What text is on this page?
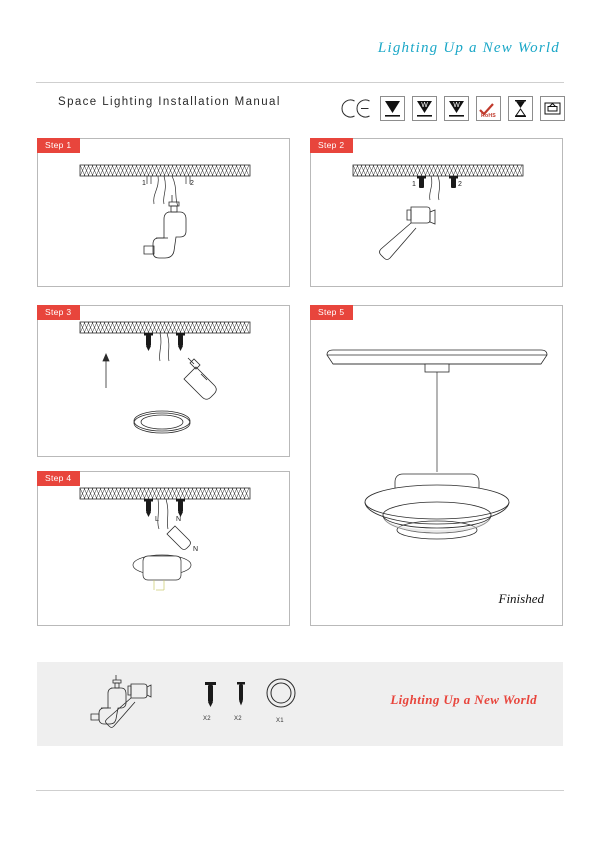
Lighting Up a New World
Space Lighting Installation Manual	W	W
RoHS
Step 1
1	2
Step 2
1	2
Step 3
Step 4
L N
N
Step 5
Finished
X2	X2	X1
Lighting Up a New World
